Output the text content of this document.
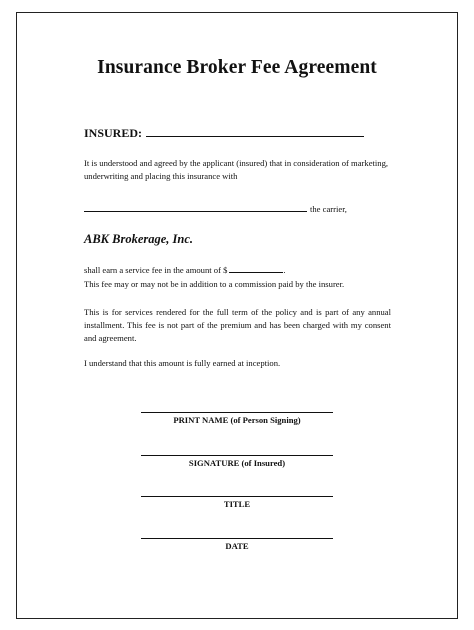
Insurance Broker Fee Agreement
INSURED:
It is understood and agreed by the applicant (insured) that in consideration of marketing, underwriting and placing this insurance with
the carrier,
ABK Brokerage, Inc.
shall earn a service fee in the amount of $	.
This fee may or may not be in addition to a commission paid by the insurer.
This is for services rendered for the full term of the policy and is part of any annual installment. This fee is not part of the premium and has been charged with my consent and agreement.
I understand that this amount is fully earned at inception.
PRINT NAME (of Person Signing)
SIGNATURE (of Insured)
TITLE
DATE
